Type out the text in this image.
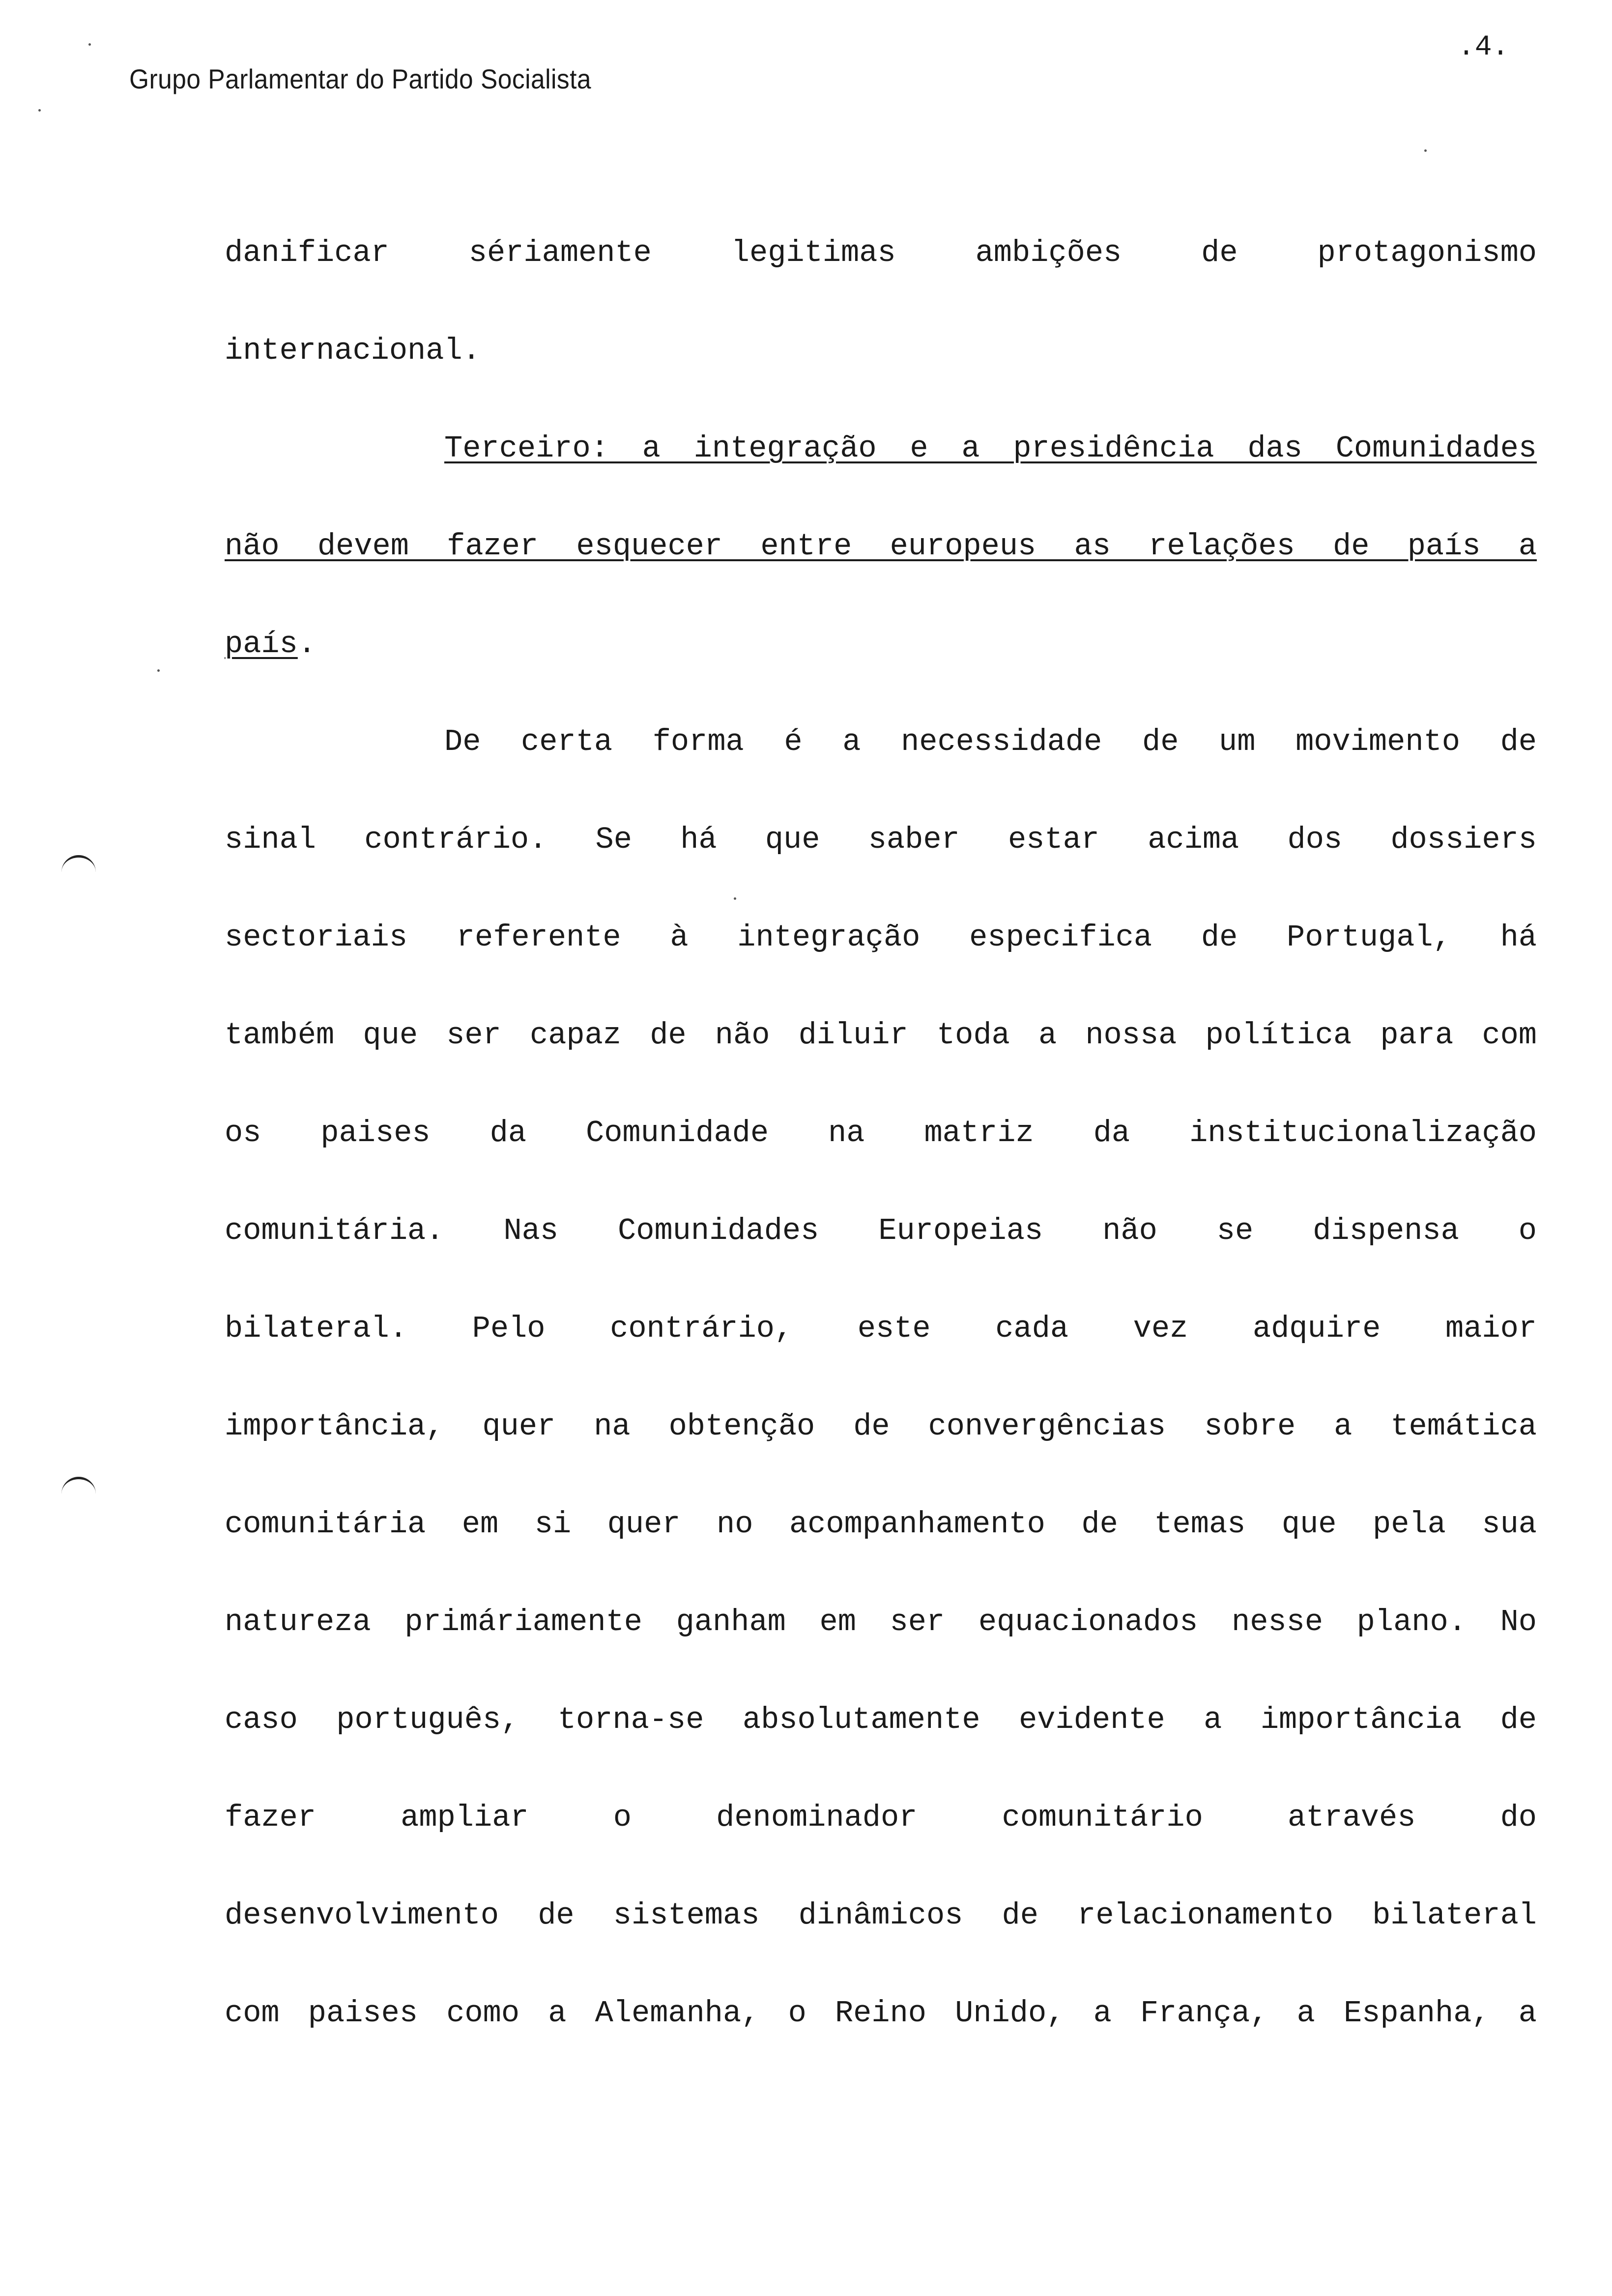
Grupo Parlamentar do Partido Socialista
.4.
danificar sériamente legitimas ambições de protagonismo
internacional.
Terceiro: a integração e a presidência das Comunidades
não devem fazer esquecer entre europeus as relações de país a
país.
De certa forma é a necessidade de um movimento de
sinal contrário. Se há que saber estar acima dos dossiers
sectoriais referente à integração especifica de Portugal, há
também que ser capaz de não diluir toda a nossa política para com
os paises da Comunidade na matriz da institucionalização
comunitária. Nas Comunidades Europeias não se dispensa o
bilateral. Pelo contrário, este cada vez adquire maior
importância, quer na obtenção de convergências sobre a temática
comunitária em si quer no acompanhamento de temas que pela sua
natureza primáriamente ganham em ser equacionados nesse plano. No
caso português, torna-se absolutamente evidente a importância de
fazer ampliar o denominador comunitário através do
desenvolvimento de sistemas dinâmicos de relacionamento bilateral
com paises como a Alemanha, o Reino Unido, a França, a Espanha, a
